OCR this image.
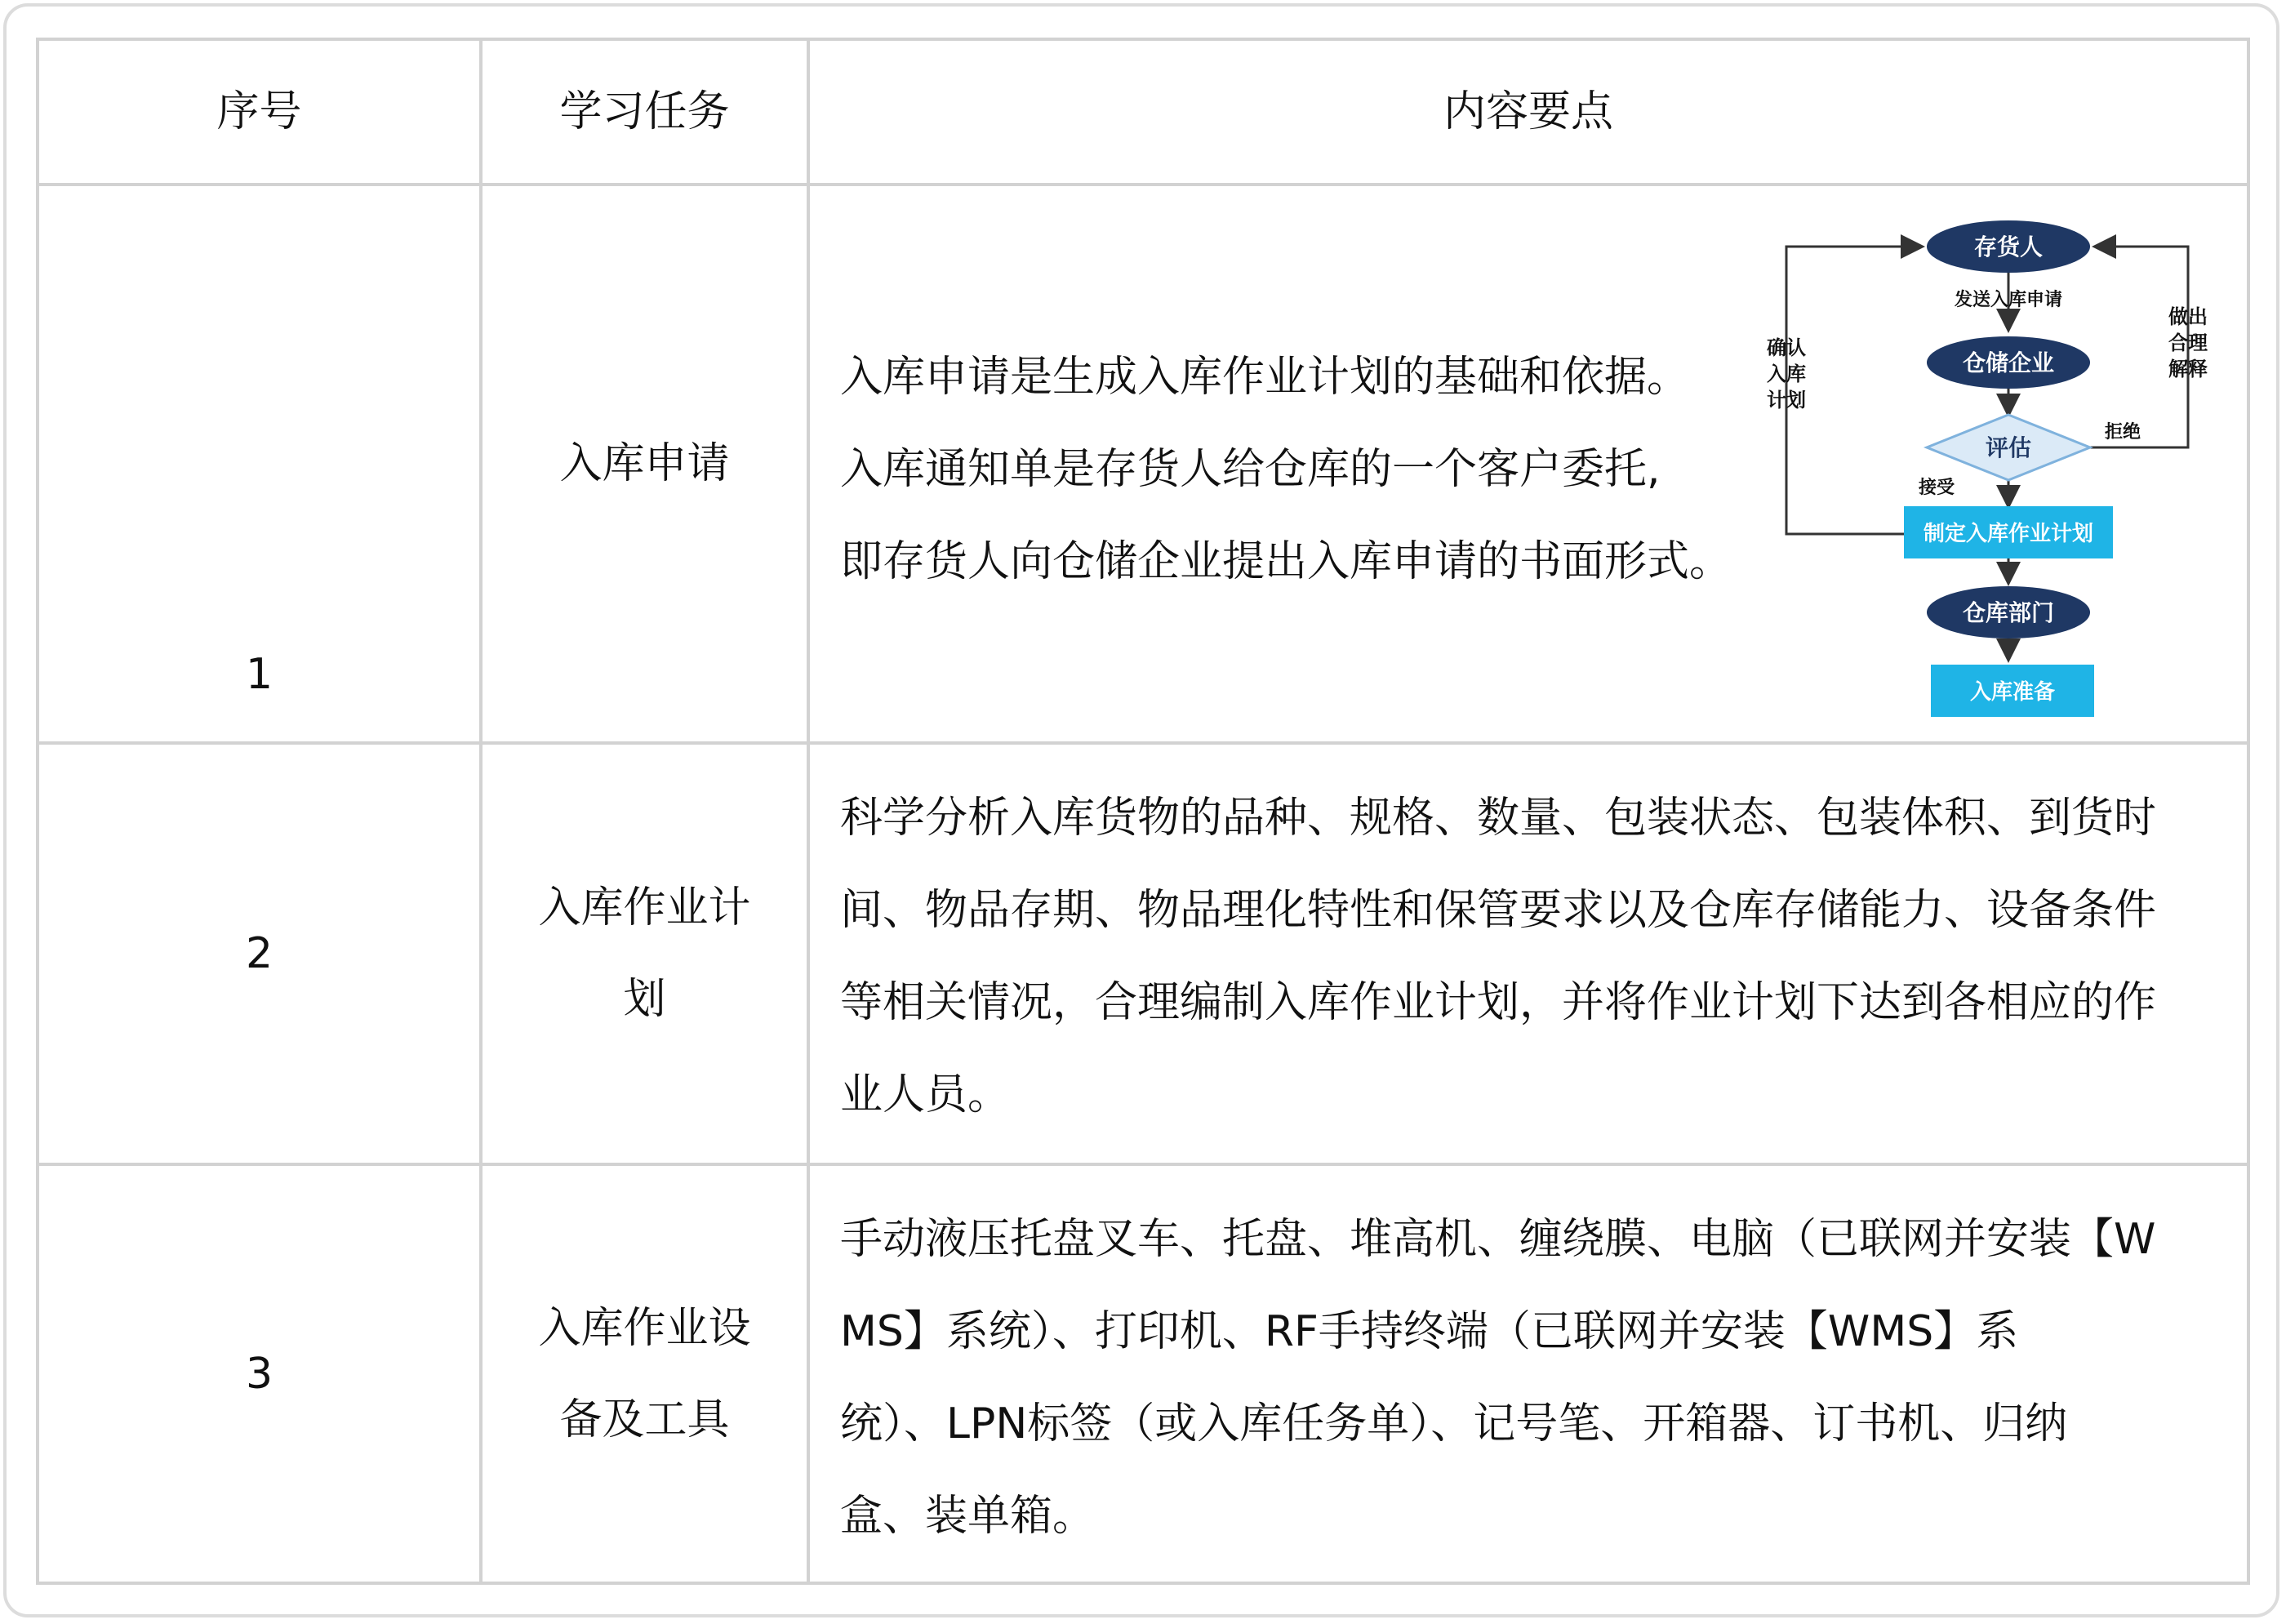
序号	学习任务	内容要点
1
入库申请
入库申请是生成入库作业计划的基础和依据。
入库通知单是存货人给仓库的一个客户委托,
即存货人向仓储企业提出入库申请的书面形式。
存货人
发送入库申请
仓储企业
评估
接受
拒绝
制定入库作业计划
仓库部门
入库准备
确认
入库
计划
做出
合理
解释
2
入库作业计
划
科学分析入库货物的品种、规格、数量、包装状态、包装体积、到货时
间、物品存期、物品理化特性和保管要求以及仓库存储能力、设备条件
等相关情况，合理编制入库作业计划，并将作业计划下达到各相应的作
业人员。
3
入库作业设
备及工具
手动液压托盘叉车、托盘、堆高机、缠绕膜、电脑（已联网并安装【W
MS】系统）、打印机、RF手持终端（已联网并安装【WMS】系
统）、LPN标签（或入库任务单）、记号笔、开箱器、订书机、归纳
盒、装单箱。
